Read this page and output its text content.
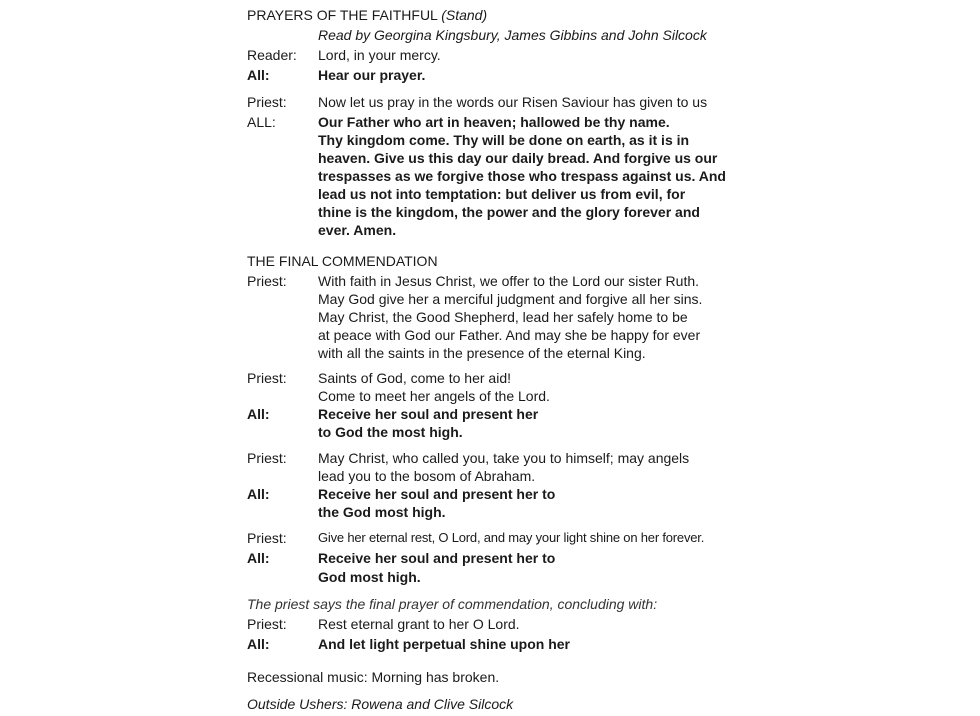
PRAYERS OF THE FAITHFUL (Stand)
Read by Georgina Kingsbury, James Gibbins and John Silcock
Reader: Lord, in your mercy.
All:	Hear our prayer.
Priest: Now let us pray in the words our Risen Saviour has given to us
ALL:	Our Father who art in heaven; hallowed be thy name.
Thy kingdom come. Thy will be done on earth, as it is in
heaven. Give us this day our daily bread. And forgive us our
trespasses as we forgive those who trespass against us. And
lead us not into temptation: but deliver us from evil, for
thine is the kingdom, the power and the glory forever and
ever. Amen.
THE FINAL COMMENDATION
Priest: With faith in Jesus Christ, we offer to the Lord our sister Ruth.
May God give her a merciful judgment and forgive all her sins.
May Christ, the Good Shepherd, lead her safely home to be
at peace with God our Father. And may she be happy for ever
with all the saints in the presence of the eternal King.
Priest: Saints of God, come to her aid!
Come to meet her angels of the Lord.
All:	Receive her soul and present her
to God the most high.
Priest: May Christ, who called you, take you to himself; may angels
lead you to the bosom of Abraham.
All:	Receive her soul and present her to
the God most high.
Priest: Give her eternal rest, O Lord, and may your light shine on her forever.
All:	Receive her soul and present her to
God most high.
The priest says the final prayer of commendation, concluding with:
Priest: Rest eternal grant to her O Lord.
All:	And let light perpetual shine upon her
Recessional music: Morning has broken.
Outside Ushers: Rowena and Clive Silcock
